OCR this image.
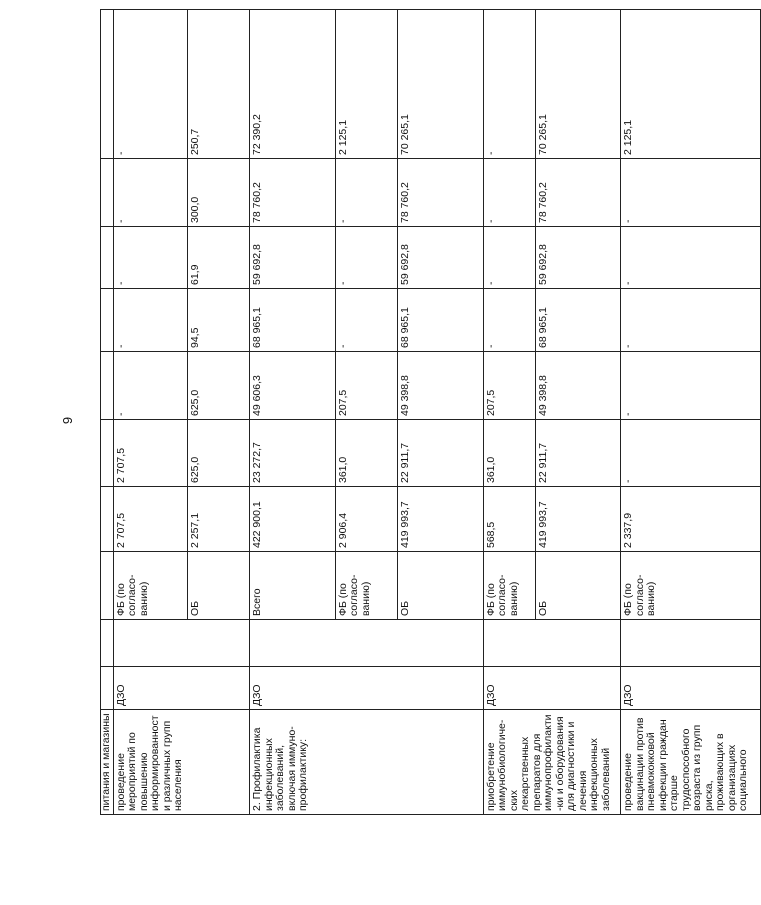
9
питания и магазины											
проведение мероприятий по повышению информированности различных групп населения	ДЗО		ФБ (по согласо-ванию)	2 707,5	2 707,5	-	-	-	-	-	
			ОБ	2 257,1	625,0	625,0	94,5	61,9	300,0	250,7	
2. Профилактика инфекционных заболеваний, включая иммуно-профилактику:	ДЗО		Всего	422 900,1	23 272,7	49 606,3	68 965,1	59 692,8	78 760,2	72 390,2	
			ФБ (по согласо-ванию)	2 906,4	361,0	207,5	-	-	-	2 125,1	
			ОБ	419 993,7	22 911,7	49 398,8	68 965,1	59 692,8	78 760,2	70 265,1	
приобретение иммунобиологиче-ских лекарственных препаратов для иммунопрофилакти-ки и оборудования для диагностики и лечения инфекционных заболеваний	ДЗО		ФБ (по согласо-ванию)	568,5	361,0	207,5	-	-	-	-	
			ОБ	419 993,7	22 911,7	49 398,8	68 965,1	59 692,8	78 760,2	70 265,1	
проведение вакцинации против пневмококковой инфекции граждан старше трудоспособного возраста из групп риска, проживающих в организациях социального	ДЗО		ФБ (по согласо-ванию)	2 337,9	-	-	-	-	-	2 125,1	
